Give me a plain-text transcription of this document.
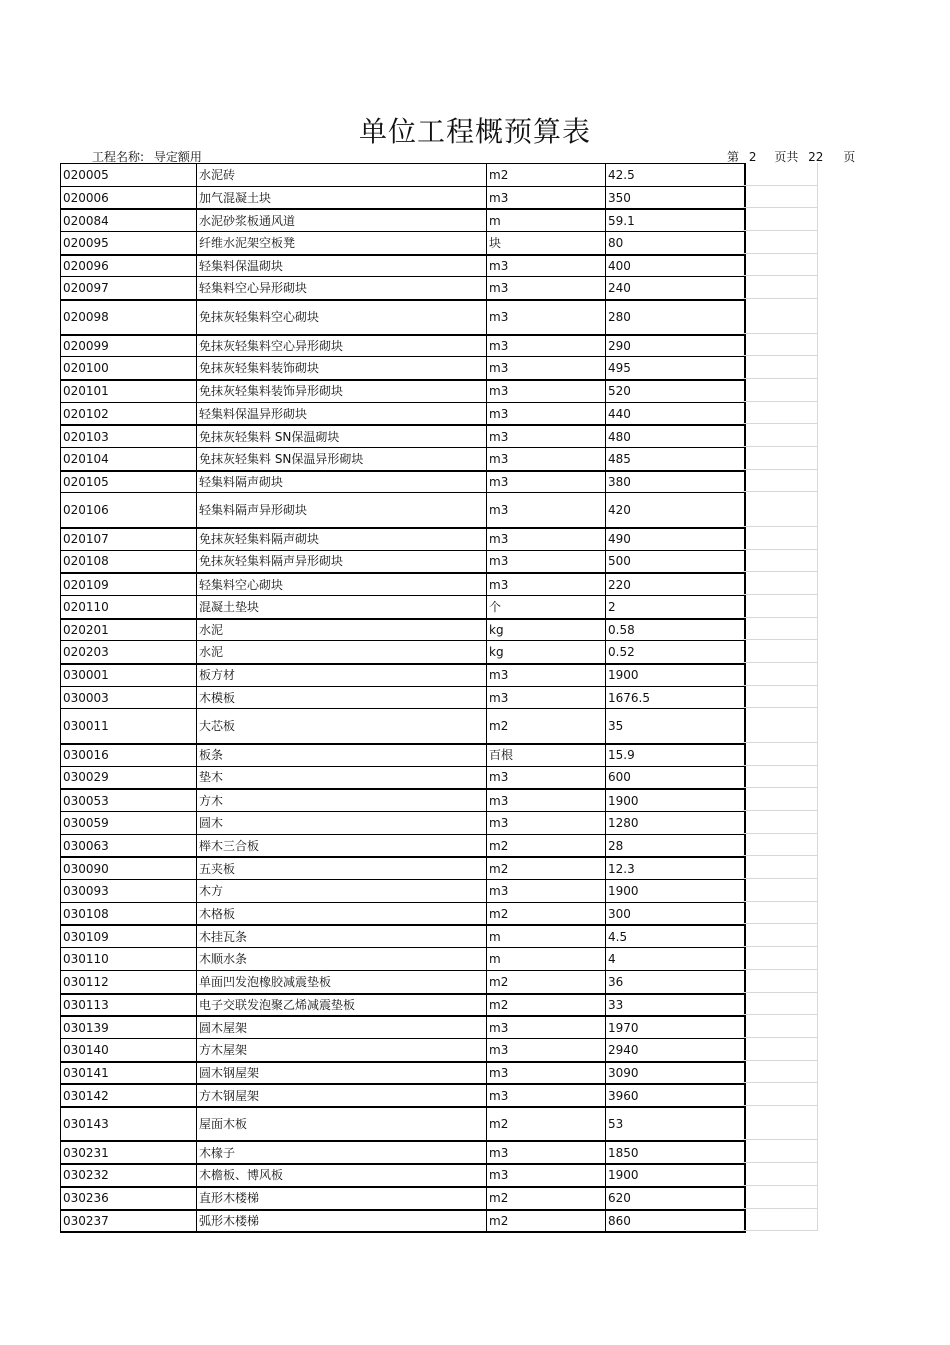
单位工程概预算表
工程名称: 导定额用	第 2 页共 22 页
020005	水泥砖	m2	42.5
020006	加气混凝土块	m3	350
020084	水泥砂浆板通风道	m	59.1
020095	纤维水泥架空板凳	块	80
020096	轻集料保温砌块	m3	400
020097	轻集料空心异形砌块	m3	240
020098	免抹灰轻集料空心砌块	m3	280
020099	免抹灰轻集料空心异形砌块	m3	290
020100	免抹灰轻集料装饰砌块	m3	495
020101	免抹灰轻集料装饰异形砌块	m3	520
020102	轻集料保温异形砌块	m3	440
020103	免抹灰轻集料 SN保温砌块	m3	480
020104	免抹灰轻集料 SN保温异形砌块	m3	485
020105	轻集料隔声砌块	m3	380
020106	轻集料隔声异形砌块	m3	420
020107	免抹灰轻集料隔声砌块	m3	490
020108	免抹灰轻集料隔声异形砌块	m3	500
020109	轻集料空心砌块	m3	220
020110	混凝土垫块	个	2
020201	水泥	kg	0.58
020203	水泥	kg	0.52
030001	板方材	m3	1900
030003	木模板	m3	1676.5
030011	大芯板	m2	35
030016	板条	百根	15.9
030029	垫木	m3	600
030053	方木	m3	1900
030059	圆木	m3	1280
030063	榉木三合板	m2	28
030090	五夹板	m2	12.3
030093	木方	m3	1900
030108	木格板	m2	300
030109	木挂瓦条	m	4.5
030110	木顺水条	m	4
030112	单面凹发泡橡胶减震垫板	m2	36
030113	电子交联发泡聚乙烯减震垫板	m2	33
030139	圆木屋架	m3	1970
030140	方木屋架	m3	2940
030141	圆木钢屋架	m3	3090
030142	方木钢屋架	m3	3960
030143	屋面木板	m2	53
030231	木椽子	m3	1850
030232	木檐板、博风板	m3	1900
030236	直形木楼梯	m2	620
030237	弧形木楼梯	m2	860
